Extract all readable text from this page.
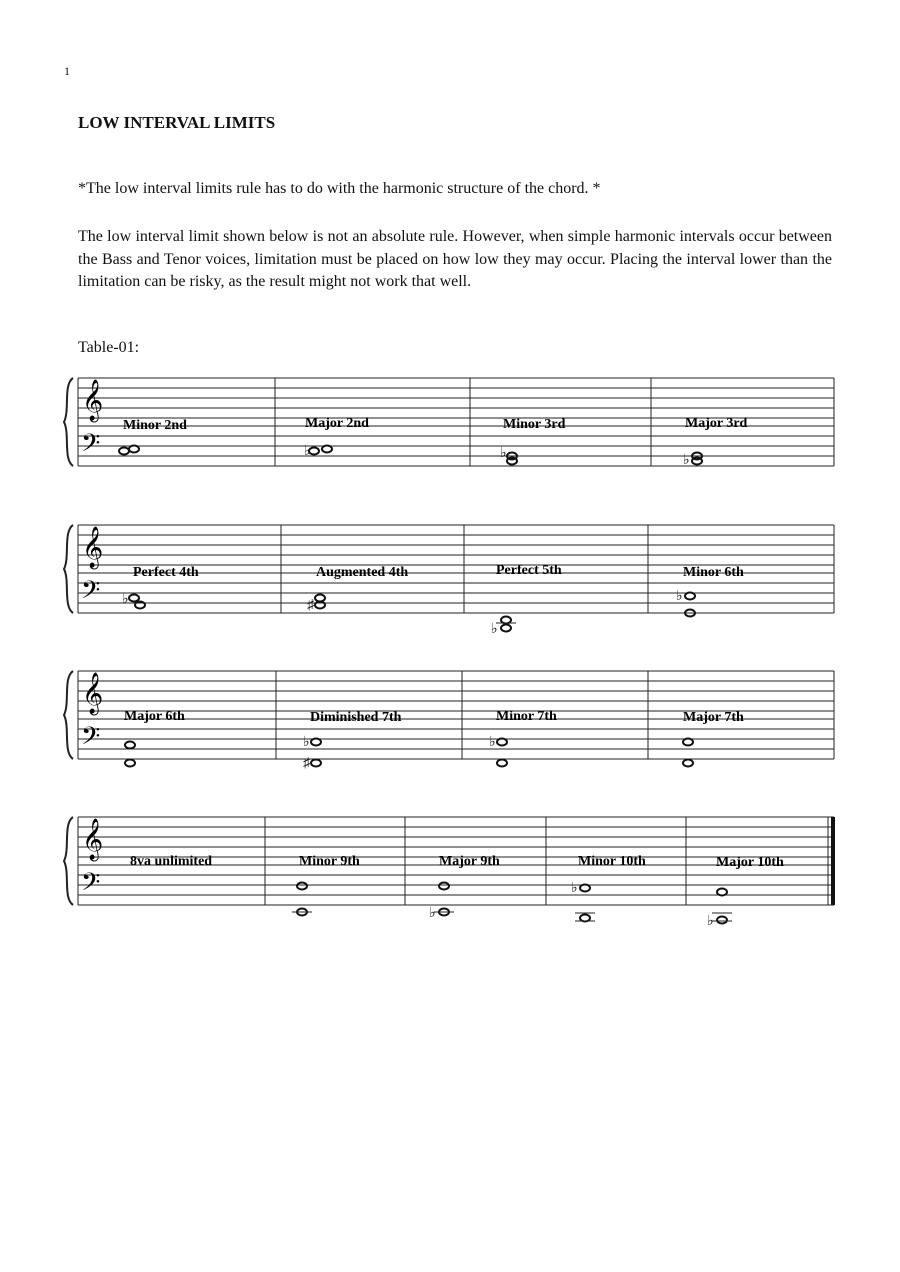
1
LOW INTERVAL LIMITS

*The low interval limits rule has to do with the harmonic structure of the chord. *

The low interval limit shown below is not an absolute rule. However, when simple harmonic intervals occur between the Bass and Tenor voices, limitation must be placed on how low they may occur. Placing the interval lower than the limitation can be risky, as the result might not work that well.

Table-01:
𝄞
𝄢
Minor 2nd	Major 2nd	Minor 3rd	Major 3rd
♭	♭	♭
𝄞
𝄢
Perfect 4th	Augmented 4th	Perfect 5th	Minor 6th
♭	♯
♭
♭
𝄞
𝄢
Major 6th	Diminished 7th	Minor 7th	Major 7th
♭
♯
♭
𝄞
𝄢
8va unlimited	Minor 9th	Major 9th	Minor 10th	Major 10th
♭
♭
♭
